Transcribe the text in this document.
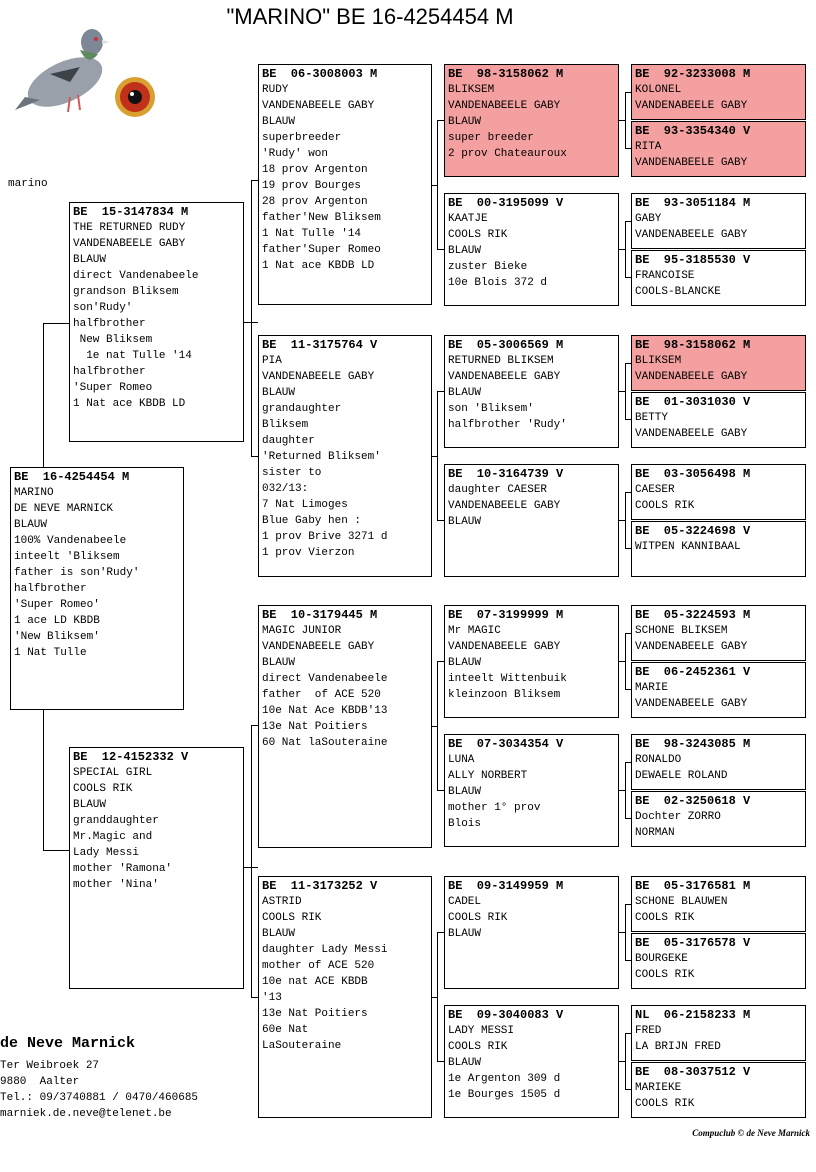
"MARINO" BE 16-4254454 M
marino
BE  16-4254454 M
MARINO
DE NEVE MARNICK
BLAUW
100% Vandenabeele
inteelt 'Bliksem
father is son'Rudy'
halfbrother
'Super Romeo'
1 ace LD KBDB
'New Bliksem'
1 Nat Tulle
BE  15-3147834 M
THE RETURNED RUDY
VANDENABEELE GABY
BLAUW
direct Vandenabeele
grandson Bliksem
son'Rudy'
halfbrother
New Bliksem
1e nat Tulle '14
halfbrother
'Super Romeo
1 Nat ace KBDB LD
BE  12-4152332 V
SPECIAL GIRL
COOLS RIK
BLAUW
granddaughter
Mr.Magic and
Lady Messi
mother 'Ramona'
mother 'Nina'
BE  06-3008003 M
RUDY
VANDENABEELE GABY
BLAUW
superbreeder
'Rudy' won
18 prov Argenton
19 prov Bourges
28 prov Argenton
father'New Bliksem
1 Nat Tulle '14
father'Super Romeo
1 Nat ace KBDB LD
BE  11-3175764 V
PIA
VANDENABEELE GABY
BLAUW
grandaughter
Bliksem
daughter
'Returned Bliksem'
sister to
032/13:
7 Nat Limoges
Blue Gaby hen :
1 prov Brive 3271 d
1 prov Vierzon
BE  10-3179445 M
MAGIC JUNIOR
VANDENABEELE GABY
BLAUW
direct Vandenabeele
father  of ACE 520
10e Nat Ace KBDB'13
13e Nat Poitiers
60 Nat laSouteraine
BE  11-3173252 V
ASTRID
COOLS RIK
BLAUW
daughter Lady Messi
mother of ACE 520
10e nat ACE KBDB
'13
13e Nat Poitiers
60e Nat
LaSouteraine
BE  98-3158062 M
BLIKSEM
VANDENABEELE GABY
BLAUW
super breeder
2 prov Chateauroux
BE  00-3195099 V
KAATJE
COOLS RIK
BLAUW
zuster Bieke
10e Blois 372 d
BE  05-3006569 M
RETURNED BLIKSEM
VANDENABEELE GABY
BLAUW
son 'Bliksem'
halfbrother 'Rudy'
BE  10-3164739 V
daughter CAESER
VANDENABEELE GABY
BLAUW
BE  07-3199999 M
Mr MAGIC
VANDENABEELE GABY
BLAUW
inteelt Wittenbuik
kleinzoon Bliksem
BE  07-3034354 V
LUNA
ALLY NORBERT
BLAUW
mother 1° prov
Blois
BE  09-3149959 M
CADEL
COOLS RIK
BLAUW
BE  09-3040083 V
LADY MESSI
COOLS RIK
BLAUW
1e Argenton 309 d
1e Bourges 1505 d
BE  92-3233008 M
KOLONEL
VANDENABEELE GABY
BE  93-3354340 V
RITA
VANDENABEELE GABY
BE  93-3051184 M
GABY
VANDENABEELE GABY
BE  95-3185530 V
FRANCOISE
COOLS-BLANCKE
BE  98-3158062 M
BLIKSEM
VANDENABEELE GABY
BE  01-3031030 V
BETTY
VANDENABEELE GABY
BE  03-3056498 M
CAESER
COOLS RIK
BE  05-3224698 V
WITPEN KANNIBAAL
BE  05-3224593 M
SCHONE BLIKSEM
VANDENABEELE GABY
BE  06-2452361 V
MARIE
VANDENABEELE GABY
BE  98-3243085 M
RONALDO
DEWAELE ROLAND
BE  02-3250618 V
Dochter ZORRO
NORMAN
BE  05-3176581 M
SCHONE BLAUWEN
COOLS RIK
BE  05-3176578 V
BOURGEKE
COOLS RIK
NL  06-2158233 M
FRED
LA BRIJN FRED
BE  08-3037512 V
MARIEKE
COOLS RIK
de Neve Marnick
Ter Weibroek 27
9880  Aalter
Tel.: 09/3740881 / 0470/460685
marniek.de.neve@telenet.be
Compuclub © de Neve Marnick
